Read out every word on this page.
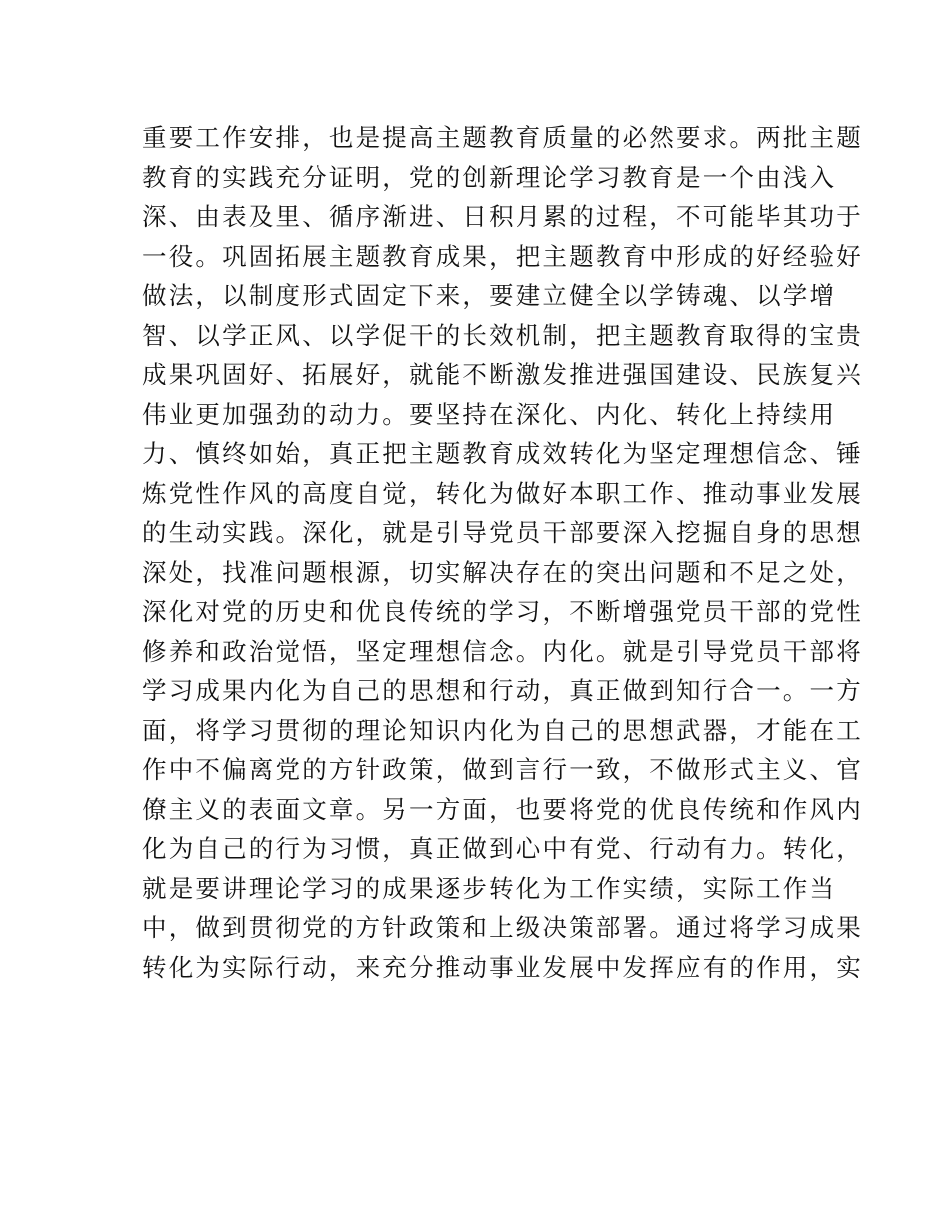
重要工作安排，也是提高主题教育质量的必然要求。两批主题
教育的实践充分证明，党的创新理论学习教育是一个由浅入
深、由表及里、循序渐进、日积月累的过程，不可能毕其功于
一役。巩固拓展主题教育成果，把主题教育中形成的好经验好
做法，以制度形式固定下来，要建立健全以学铸魂、以学增
智、以学正风、以学促干的长效机制，把主题教育取得的宝贵
成果巩固好、拓展好，就能不断激发推进强国建设、民族复兴
伟业更加强劲的动力。要坚持在深化、内化、转化上持续用
力、慎终如始，真正把主题教育成效转化为坚定理想信念、锤
炼党性作风的高度自觉，转化为做好本职工作、推动事业发展
的生动实践。深化，就是引导党员干部要深入挖掘自身的思想
深处，找准问题根源，切实解决存在的突出问题和不足之处，
深化对党的历史和优良传统的学习，不断增强党员干部的党性
修养和政治觉悟，坚定理想信念。内化。就是引导党员干部将
学习成果内化为自己的思想和行动，真正做到知行合一。一方
面，将学习贯彻的理论知识内化为自己的思想武器，才能在工
作中不偏离党的方针政策，做到言行一致，不做形式主义、官
僚主义的表面文章。另一方面，也要将党的优良传统和作风内
化为自己的行为习惯，真正做到心中有党、行动有力。转化，
就是要讲理论学习的成果逐步转化为工作实绩，实际工作当
中，做到贯彻党的方针政策和上级决策部署。通过将学习成果
转化为实际行动，来充分推动事业发展中发挥应有的作用，实
